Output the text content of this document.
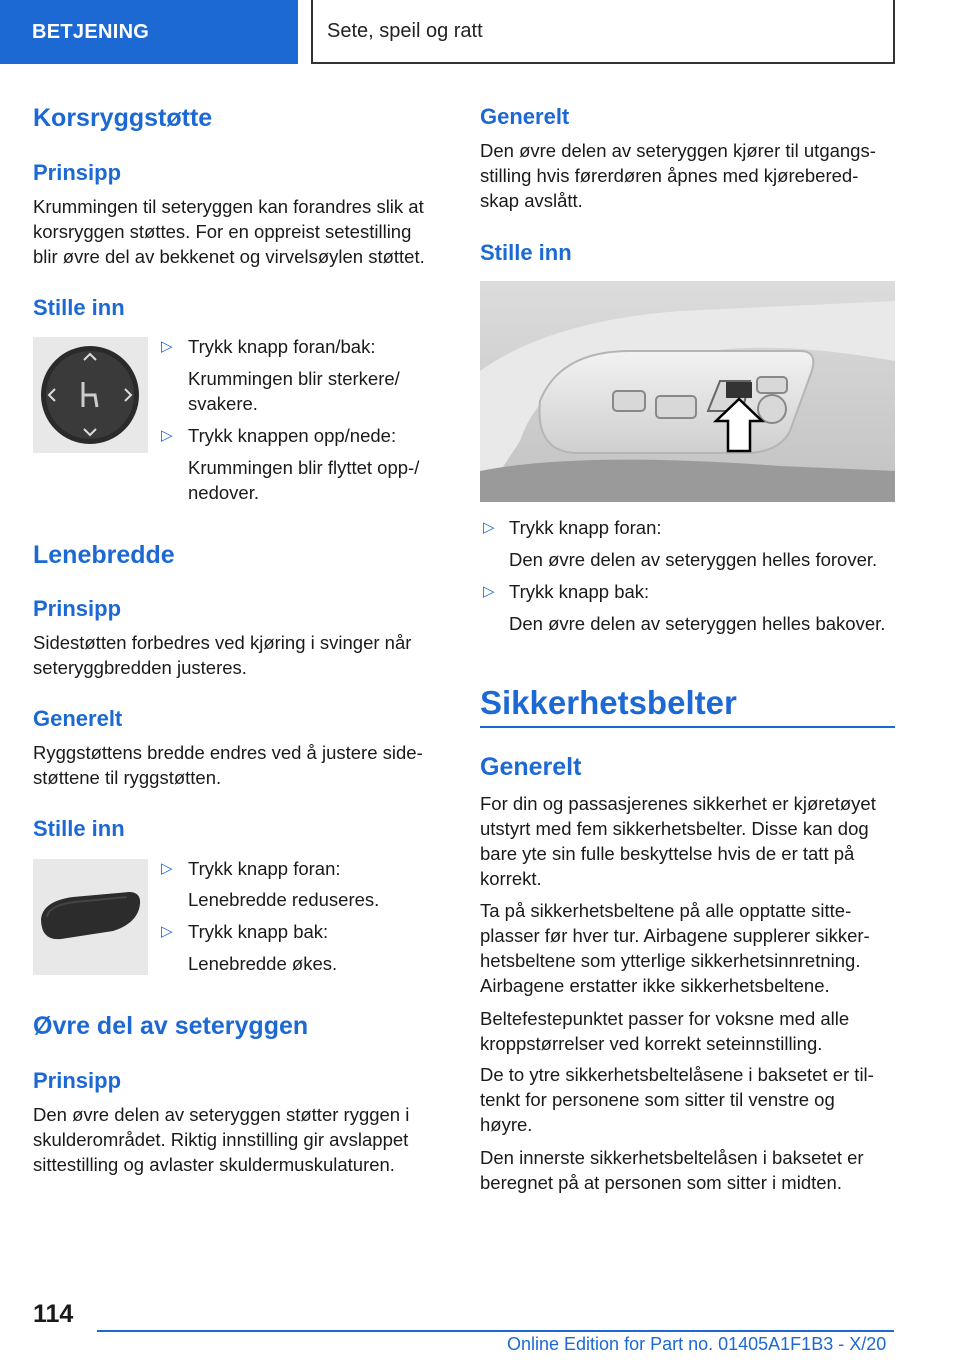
BETJENING	Sete, speil og ratt
Korsryggstøtte
Prinsipp
Krummingen til seteryggen kan forandres slik at
korsryggen støttes. For en oppreist setestilling
blir øvre del av bekkenet og virvelsøylen støttet.
Stille inn
▷ Trykk knapp foran/bak:
Krummingen blir sterkere/
svakere.
▷ Trykk knappen opp/nede:
Krummingen blir flyttet opp-/
nedover.
Lenebredde
Prinsipp
Sidestøtten forbedres ved kjøring i svinger når
seteryggbredden justeres.
Generelt
Ryggstøttens bredde endres ved å justere side-
støttene til ryggstøtten.
Stille inn
▷ Trykk knapp foran:
Lenebredde reduseres.
▷ Trykk knapp bak:
Lenebredde økes.
Øvre del av seteryggen
Prinsipp
Den øvre delen av seteryggen støtter ryggen i
skulderområdet. Riktig innstilling gir avslappet
sittestilling og avlaster skuldermuskulaturen.
Generelt
Den øvre delen av seteryggen kjører til utgangs-
stilling hvis førerdøren åpnes med kjørebered-
skap avslått.
Stille inn
▷ Trykk knapp foran:
Den øvre delen av seteryggen helles forover.
▷ Trykk knapp bak:
Den øvre delen av seteryggen helles bakover.
Sikkerhetsbelter
Generelt
For din og passasjerenes sikkerhet er kjøretøyet
utstyrt med fem sikkerhetsbelter. Disse kan dog
bare yte sin fulle beskyttelse hvis de er tatt på
korrekt.
Ta på sikkerhetsbeltene på alle opptatte sitte-
plasser før hver tur. Airbagene supplerer sikker-
hetsbeltene som ytterlige sikkerhetsinnretning.
Airbagene erstatter ikke sikkerhetsbeltene.
Beltefestepunktet passer for voksne med alle
kroppstørrelser ved korrekt seteinnstilling.
De to ytre sikkerhetsbeltelåsene i baksetet er til-
tenkt for personene som sitter til venstre og
høyre.
Den innerste sikkerhetsbeltelåsen i baksetet er
beregnet på at personen som sitter i midten.
114
Online Edition for Part no. 01405A1F1B3 - X/20
